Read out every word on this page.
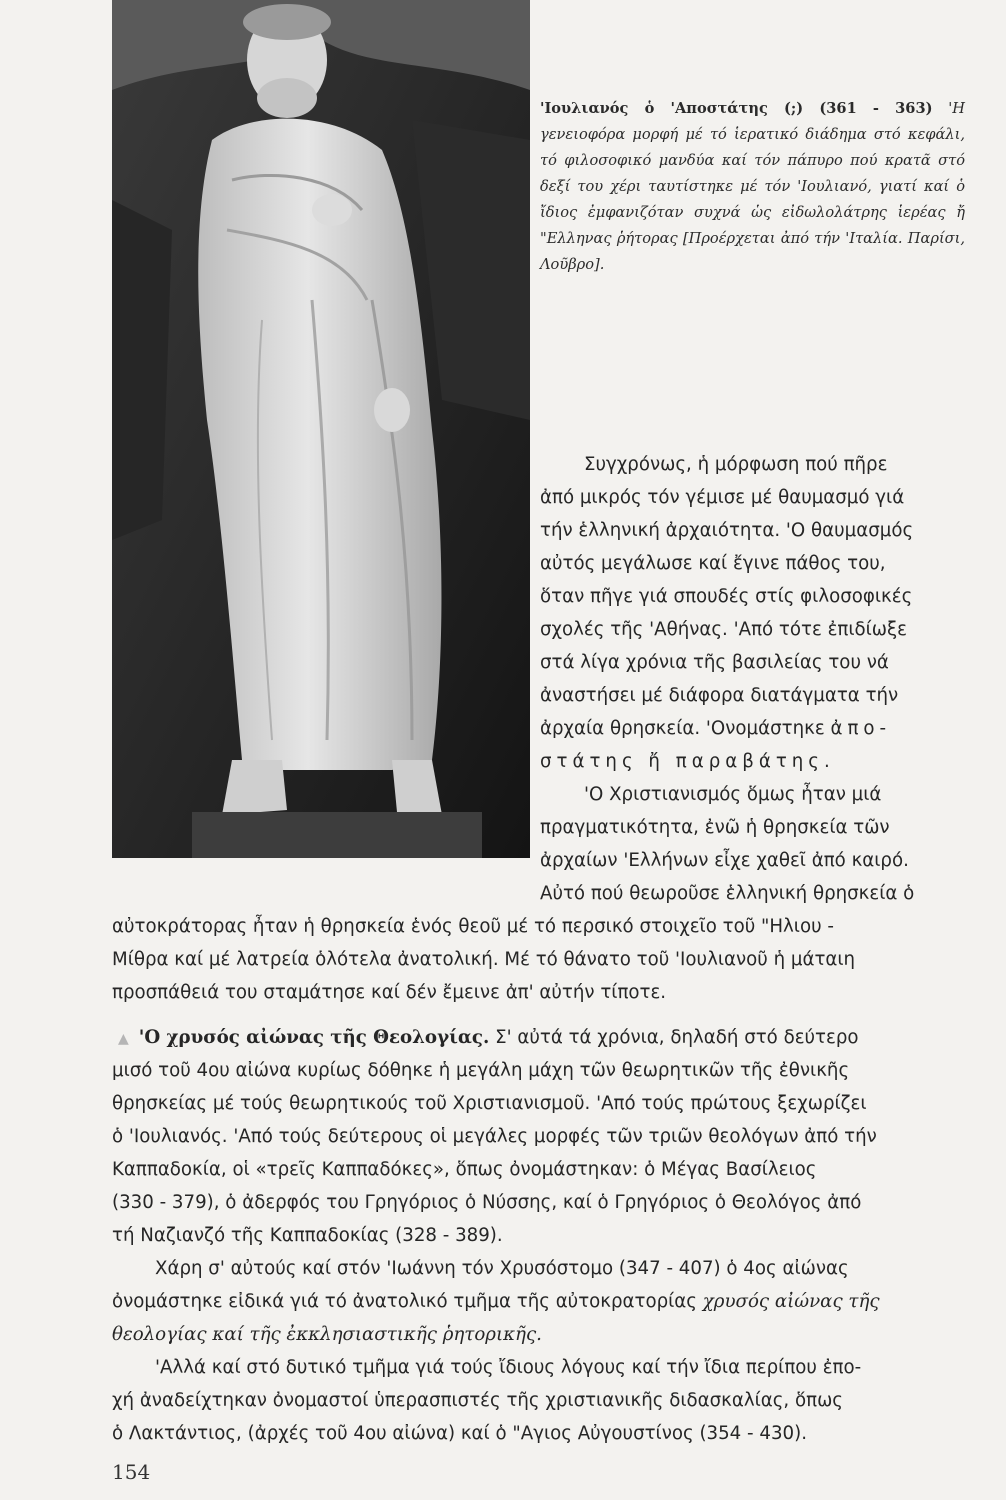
'Ιουλιανός ὁ 'Αποστάτης (;) (361 - 363) 'Η γενειοφόρα μορφή μέ τό ἱερατικό διάδημα στό κεφάλι, τό φιλοσοφικό μανδύα καί τόν πάπυρο πού κρατᾶ στό δεξί του χέρι ταυτίστηκε μέ τόν 'Ιουλιανό, γιατί καί ὁ ἴδιος ἐμφανιζόταν συχνά ὡς εἰδωλολάτρης ἱερέας ἤ "Ελληνας ῥήτορας [Προέρχεται ἀπό τήν 'Ιταλία. Παρίσι, Λοῦβρο].

Συγχρόνως, ἡ μόρφωση πού πῆρε
ἀπό μικρός τόν γέμισε μέ θαυμασμό γιά
τήν ἑλληνική ἀρχαιότητα. 'Ο θαυμασμός
αὐτός μεγάλωσε καί ἔγινε πάθος του,
ὅταν πῆγε γιά σπουδές στίς φιλοσοφικές
σχολές τῆς 'Αθήνας. 'Από τότε ἐπιδίωξε
στά λίγα χρόνια τῆς βασιλείας του νά
ἀναστήσει μέ διάφορα διατάγματα τήν
ἀρχαία θρησκεία. 'Ονομάστηκε ἀπο-
στάτης ἤ παραβάτης.
'Ο Χριστιανισμός ὅμως ἦταν μιά
πραγματικότητα, ἐνῶ ἡ θρησκεία τῶν
ἀρχαίων 'Ελλήνων εἶχε χαθεῖ ἀπό καιρό.
Αὐτό πού θεωροῦσε ἑλληνική θρησκεία ὁ
αὐτοκράτορας ἦταν ἡ θρησκεία ἑνός θεοῦ μέ τό περσικό στοιχεῖο τοῦ "Ηλιου -
Μίθρα καί μέ λατρεία ὁλότελα ἀνατολική. Μέ τό θάνατο τοῦ 'Ιουλιανοῦ ἡ μάταιη
προσπάθειά του σταμάτησε καί δέν ἔμεινε ἀπ' αὐτήν τίποτε.
▲ 'Ο χρυσός αἰώνας τῆς Θεολογίας. Σ' αὐτά τά χρόνια, δηλαδή στό δεύτερο
μισό τοῦ 4ου αἰώνα κυρίως δόθηκε ἡ μεγάλη μάχη τῶν θεωρητικῶν τῆς ἐθνικῆς
θρησκείας μέ τούς θεωρητικούς τοῦ Χριστιανισμοῦ. 'Από τούς πρώτους ξεχωρίζει
ὁ 'Ιουλιανός. 'Από τούς δεύτερους οἱ μεγάλες μορφές τῶν τριῶν θεολόγων ἀπό τήν
Καππαδοκία, οἱ «τρεῖς Καππαδόκες», ὅπως ὀνομάστηκαν: ὁ Μέγας Βασίλειος
(330 - 379), ὁ ἀδερφός του Γρηγόριος ὁ Νύσσης, καί ὁ Γρηγόριος ὁ Θεολόγος ἀπό
τή Ναζιανζό τῆς Καππαδοκίας (328 - 389).
Χάρη σ' αὐτούς καί στόν 'Ιωάννη τόν Χρυσόστομο (347 - 407) ὁ 4ος αἰώνας
ὀνομάστηκε εἰδικά γιά τό ἀνατολικό τμῆμα τῆς αὐτοκρατορίας χρυσός αἰώνας τῆς
θεολογίας καί τῆς ἐκκλησιαστικῆς ῥητορικῆς.
'Αλλά καί στό δυτικό τμῆμα γιά τούς ἴδιους λόγους καί τήν ἴδια περίπου ἐπο-
χή ἀναδείχτηκαν ὀνομαστοί ὑπερασπιστές τῆς χριστιανικῆς διδασκαλίας, ὅπως
ὁ Λακτάντιος, (ἀρχές τοῦ 4ου αἰώνα) καί ὁ "Αγιος Αὐγουστίνος (354 - 430).
154
